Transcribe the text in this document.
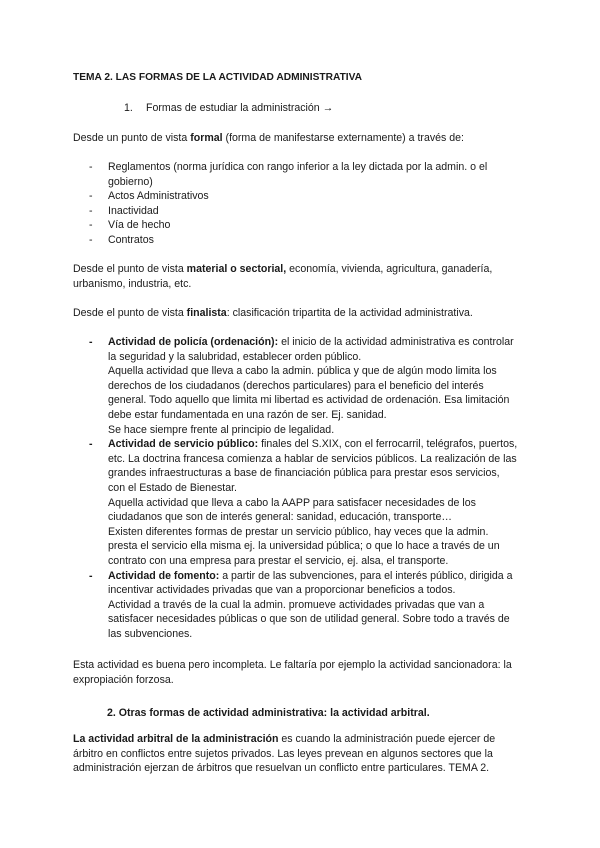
TEMA 2. LAS FORMAS DE LA ACTIVIDAD ADMINISTRATIVA
1. Formas de estudiar la administración →
Desde un punto de vista formal (forma de manifestarse externamente) a través de:
- Reglamentos (norma jurídica con rango inferior a la ley dictada por la admin. o el gobierno)
- Actos Administrativos
- Inactividad
- Vía de hecho
- Contratos
Desde el punto de vista material o sectorial, economía, vivienda, agricultura, ganadería, urbanismo, industria, etc.
Desde el punto de vista finalista: clasificación tripartita de la actividad administrativa.
- Actividad de policía (ordenación): el inicio de la actividad administrativa es controlar la seguridad y la salubridad, establecer orden público.
Aquella actividad que lleva a cabo la admin. pública y que de algún modo limita los derechos de los ciudadanos (derechos particulares) para el beneficio del interés general. Todo aquello que limita mi libertad es actividad de ordenación. Esa limitación debe estar fundamentada en una razón de ser. Ej. sanidad.
Se hace siempre frente al principio de legalidad.
- Actividad de servicio público: finales del S.XIX, con el ferrocarril, telégrafos, puertos, etc. La doctrina francesa comienza a hablar de servicios públicos. La realización de las grandes infraestructuras a base de financiación pública para prestar esos servicios, con el Estado de Bienestar.
Aquella actividad que lleva a cabo la AAPP para satisfacer necesidades de los ciudadanos que son de interés general: sanidad, educación, transporte…
Existen diferentes formas de prestar un servicio público, hay veces que la admin. presta el servicio ella misma ej. la universidad pública; o que lo hace a través de un contrato con una empresa para prestar el servicio, ej. alsa, el transporte.
- Actividad de fomento: a partir de las subvenciones, para el interés público, dirigida a incentivar actividades privadas que van a proporcionar beneficios a todos.
Actividad a través de la cual la admin. promueve actividades privadas que van a satisfacer necesidades públicas o que son de utilidad general. Sobre todo a través de las subvenciones.
Esta actividad es buena pero incompleta. Le faltaría por ejemplo la actividad sancionadora: la expropiación forzosa.
2. Otras formas de actividad administrativa: la actividad arbitral.
La actividad arbitral de la administración es cuando la administración puede ejercer de árbitro en conflictos entre sujetos privados. Las leyes prevean en algunos sectores que la administración ejerzan de árbitros que resuelvan un conflicto entre particulares. TEMA 2.
